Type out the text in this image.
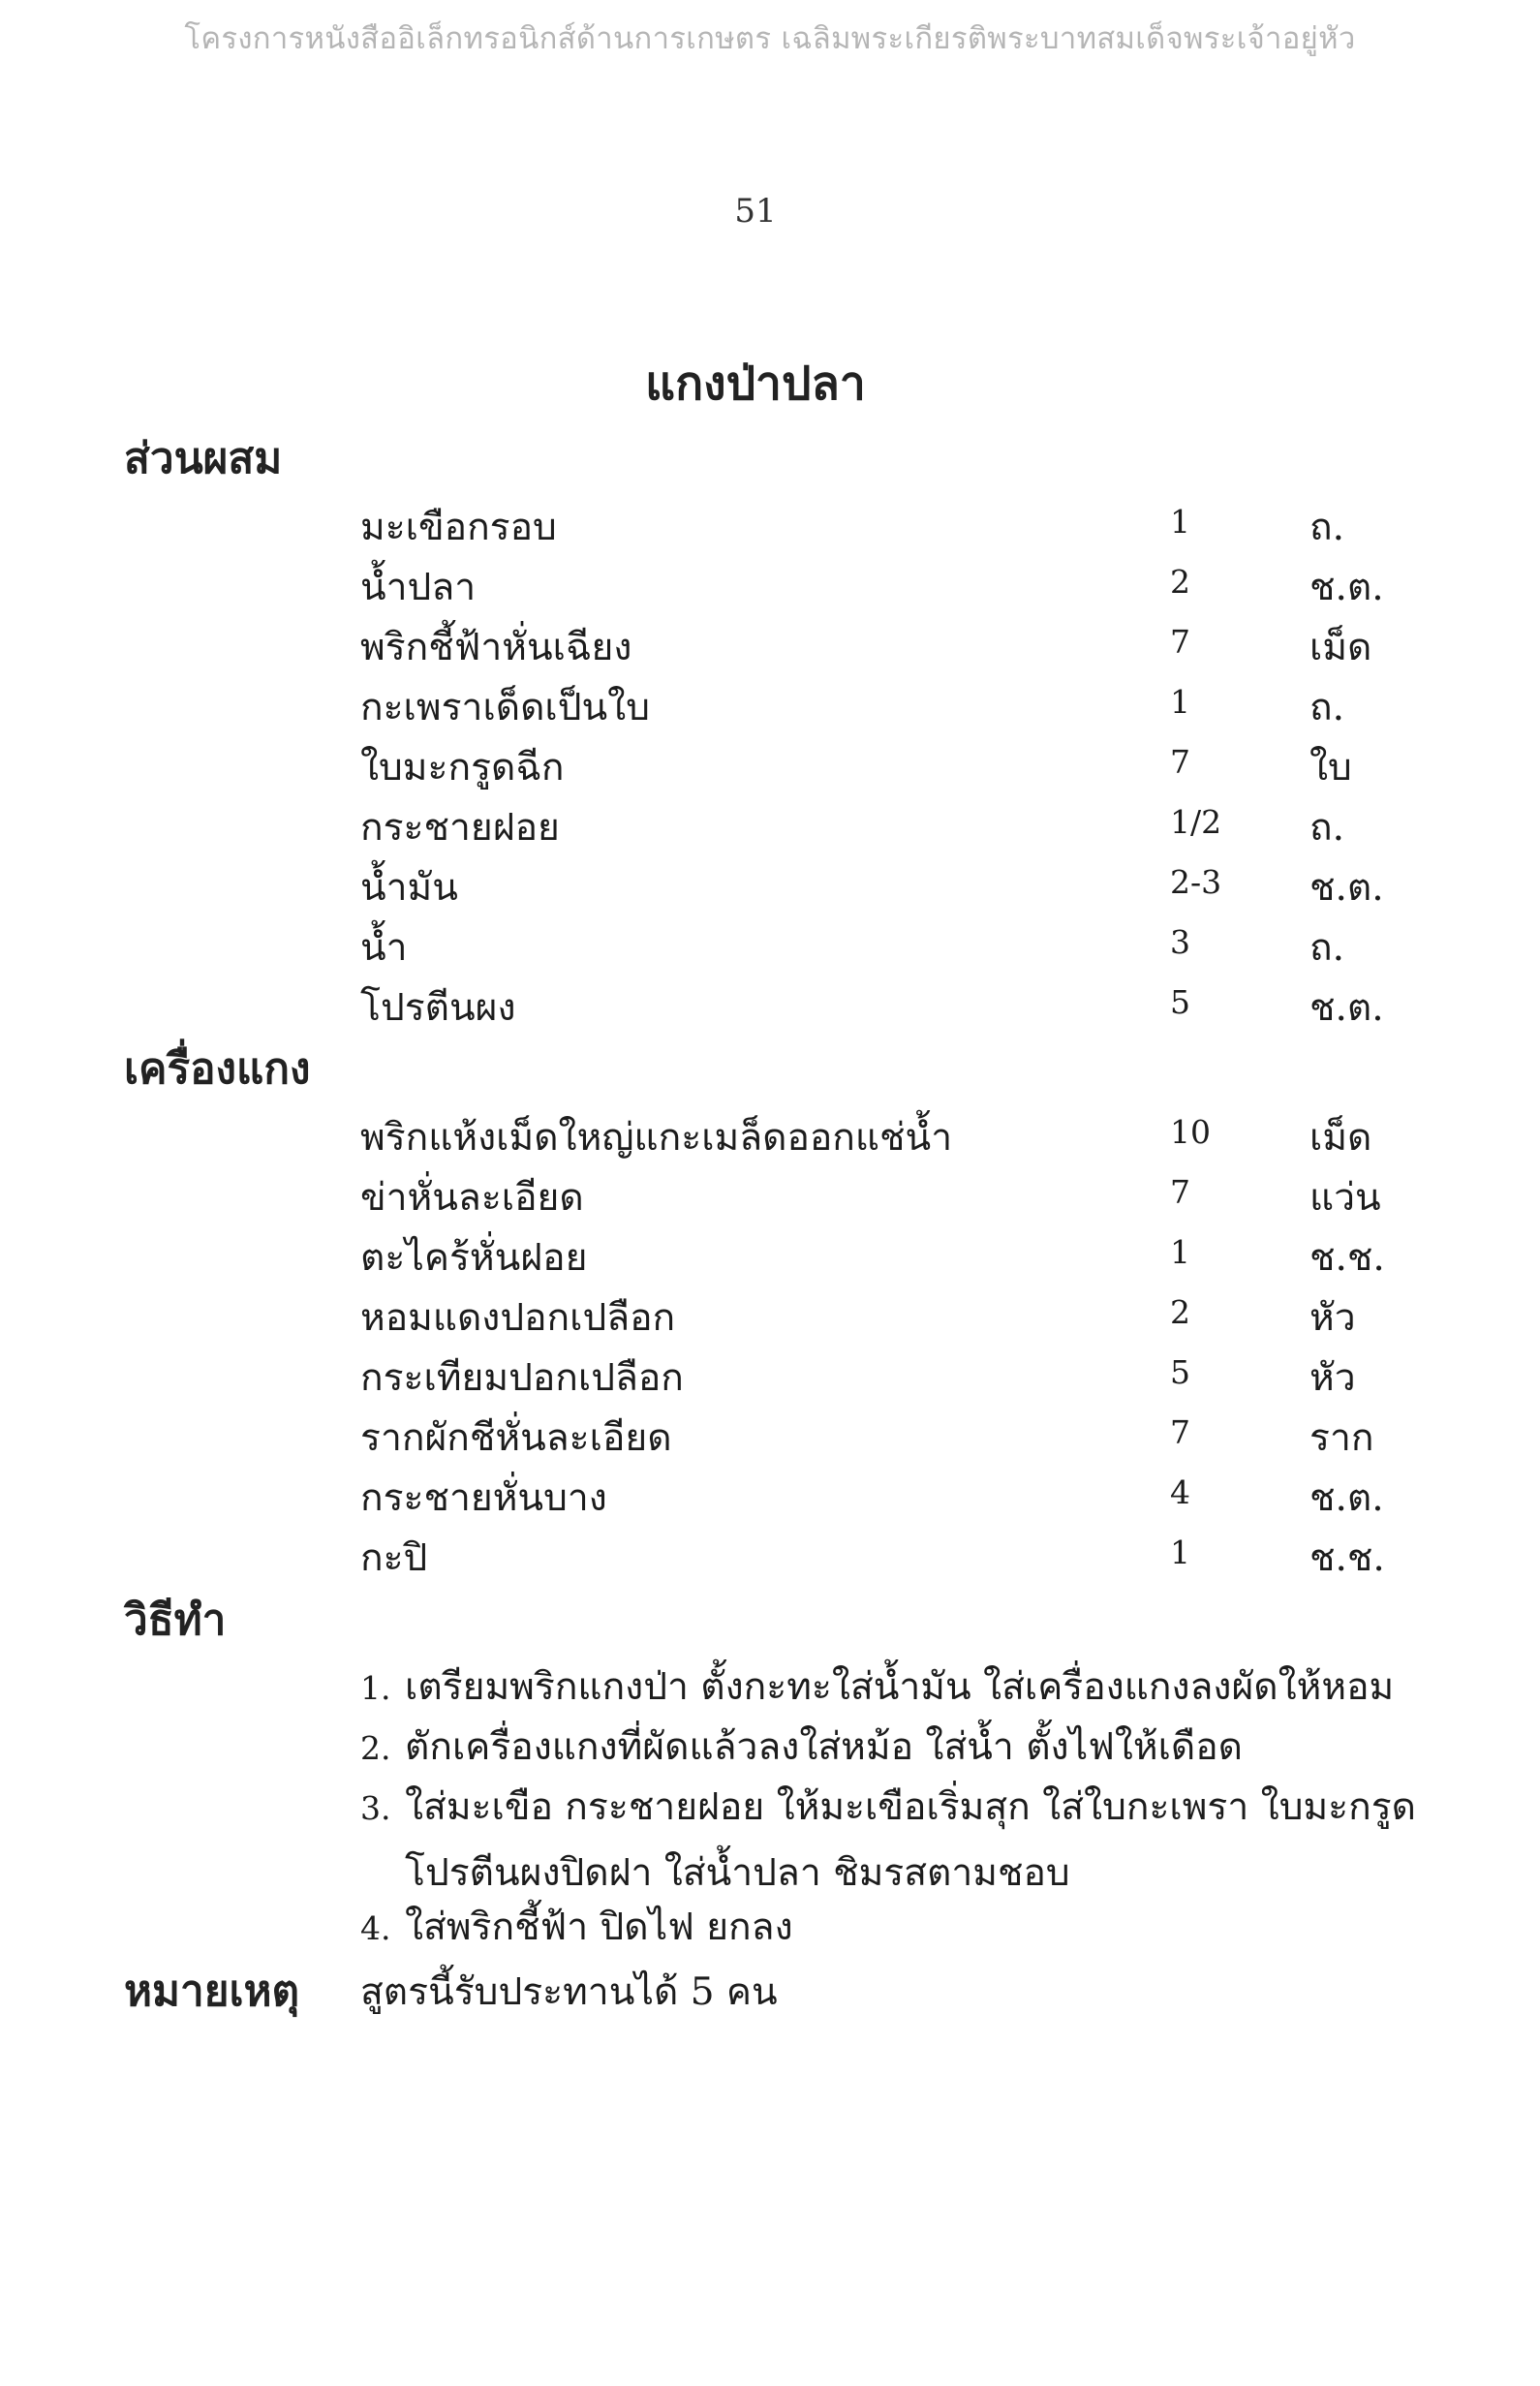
โครงการหนังสืออิเล็กทรอนิกส์ด้านการเกษตร เฉลิมพระเกียรติพระบาทสมเด็จพระเจ้าอยู่หัว
51
แกงป่าปลา
ส่วนผสม
มะเขือกรอบ	1	ถ.
น้ำปลา	2	ช.ต.
พริกชี้ฟ้าหั่นเฉียง	7	เม็ด
กะเพราเด็ดเป็นใบ	1	ถ.
ใบมะกรูดฉีก	7	ใบ
กระชายฝอย	1/2 ถ.
น้ำมัน	2-3 ช.ต.
น้ำ	3	ถ.
โปรตีนผง	5	ช.ต.
เครื่องแกง
พริกแห้งเม็ดใหญ่แกะเมล็ดออกแช่น้ำ	10	เม็ด
ข่าหั่นละเอียด	7	แว่น
ตะไคร้หั่นฝอย	1	ช.ช.
หอมแดงปอกเปลือก	2	หัว
กระเทียมปอกเปลือก	5	หัว
รากผักชีหั่นละเอียด	7	ราก
กระชายหั่นบาง	4	ช.ต.
กะปิ	1	ช.ช.
วิธีทำ
1. เตรียมพริกแกงป่า ตั้งกะทะใส่น้ำมัน ใส่เครื่องแกงลงผัดให้หอม
2. ตักเครื่องแกงที่ผัดแล้วลงใส่หม้อ ใส่น้ำ ตั้งไฟให้เดือด
3. ใส่มะเขือ กระชายฝอย ให้มะเขือเริ่มสุก ใส่ใบกะเพรา ใบมะกรูด
โปรตีนผงปิดฝา ใส่น้ำปลา ชิมรสตามชอบ
4. ใส่พริกชี้ฟ้า ปิดไฟ ยกลง
หมายเหตุ สูตรนี้รับประทานได้ 5 คน
